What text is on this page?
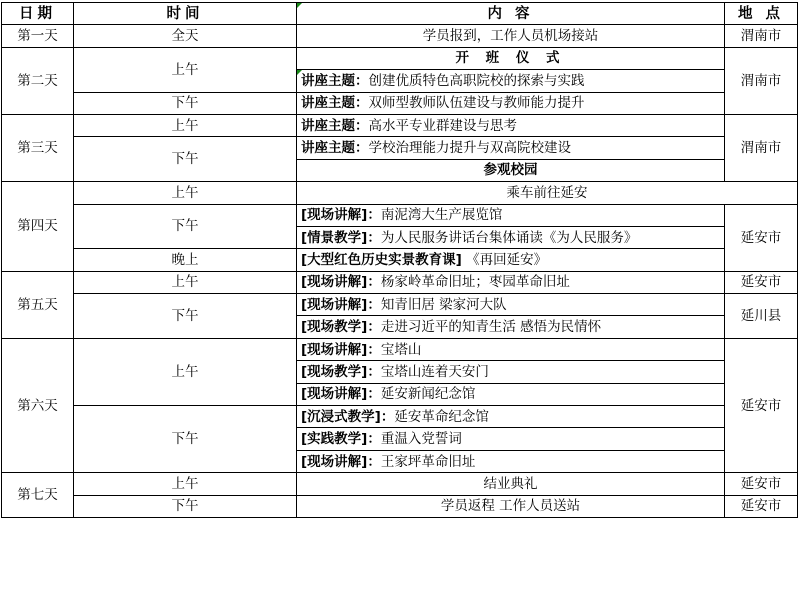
日期	时间	内 容	地 点
第一天	全天	学员报到，工作人员机场接站	渭南市
第二天	上午	开 班 仪 式	渭南市
		讲座主题：创建优质特色高职院校的探索与实践	
	下午	讲座主题：双师型教师队伍建设与教师能力提升	
第三天	上午	讲座主题：高水平专业群建设与思考	渭南市
	下午	讲座主题：学校治理能力提升与双高院校建设	
		参观校园	
第四天	上午	乘车前往延安	
	下午	[现场讲解]：南泥湾大生产展览馆	延安市
		[情景教学]：为人民服务讲话台集体诵读《为人民服务》	

	晚上	[大型红色历史实景教育课] 《再回延安》	
第五天	上午	[现场讲解]：杨家岭革命旧址；枣园革命旧址	延安市
	下午	[现场讲解]：知青旧居 梁家河大队	延川县
		[现场教学]：走进习近平的知青生活 感悟为民情怀	
第六天	上午	[现场讲解]：宝塔山	延安市
		[现场教学]：宝塔山连着天安门	
		[现场讲解]：延安新闻纪念馆	
	下午	[沉浸式教学]：延安革命纪念馆	
		[实践教学]：重温入党誓词	
		[现场讲解]：王家坪革命旧址	
第七天	上午	结业典礼	延安市
	下午	学员返程 工作人员送站	延安市
